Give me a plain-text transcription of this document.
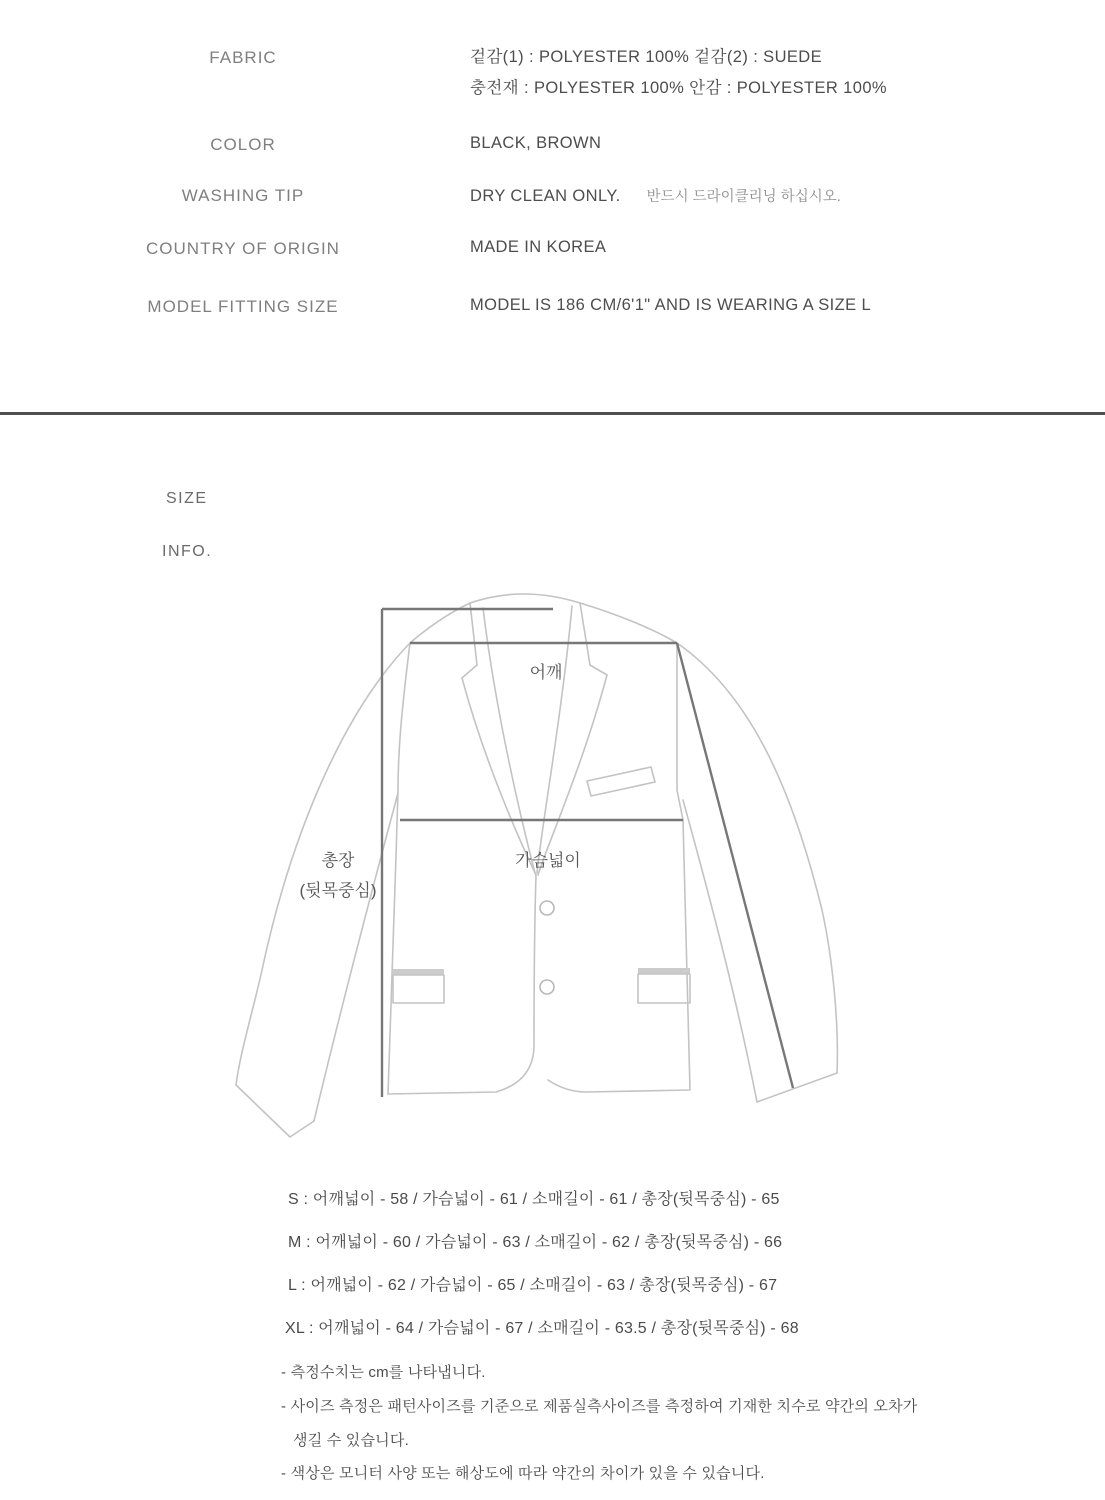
FABRIC	겉감(1) : POLYESTER 100% 겉감(2) : SUEDE
충전재 : POLYESTER 100% 안감 : POLYESTER 100%
COLOR	BLACK, BROWN
WASHING TIP	DRY CLEAN ONLY. 반드시 드라이클리닝 하십시오.
COUNTRY OF ORIGIN	MADE IN KOREA
MODEL FITTING SIZE	MODEL IS 186 CM/6'1" AND IS WEARING A SIZE L
SIZE
INFO.
어깨
가슴넓이
총장
(뒷목중심)
S : 어깨넓이 - 58 / 가슴넓이 - 61 / 소매길이 - 61 / 총장(뒷목중심) - 65
M : 어깨넓이 - 60 / 가슴넓이 - 63 / 소매길이 - 62 / 총장(뒷목중심) - 66
L : 어깨넓이 - 62 / 가슴넓이 - 65 / 소매길이 - 63 / 총장(뒷목중심) - 67
XL : 어깨넓이 - 64 / 가슴넓이 - 67 / 소매길이 - 63.5 / 총장(뒷목중심) - 68
- 측정수치는 cm를 나타냅니다.
- 사이즈 측정은 패턴사이즈를 기준으로 제품실측사이즈를 측정하여 기재한 치수로 약간의 오차가
생길 수 있습니다.
- 색상은 모니터 사양 또는 해상도에 따라 약간의 차이가 있을 수 있습니다.
